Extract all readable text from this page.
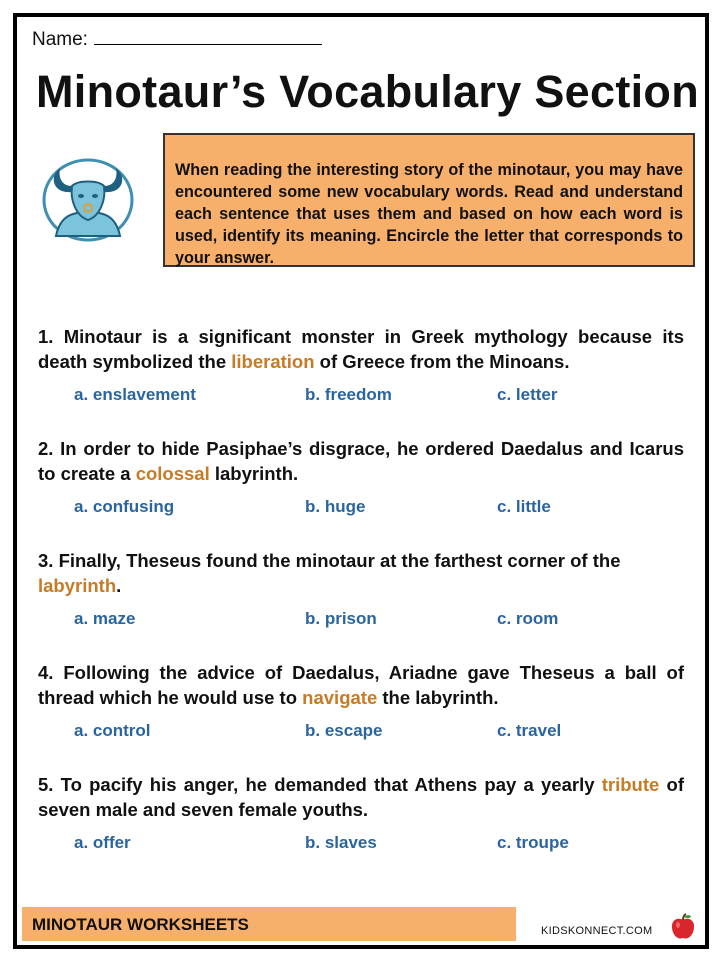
Name:
Minotaur’s Vocabulary Section

When reading the interesting story of the minotaur, you may have encountered some new vocabulary words. Read and understand each sentence that uses them and based on how each word is used, identify its meaning. Encircle the letter that corresponds to your answer.

1. Minotaur is a significant monster in Greek mythology because its death symbolized the liberation of Greece from the Minoans.
a. enslavement	b. freedom	c. letter
2. In order to hide Pasiphae’s disgrace, he ordered Daedalus and Icarus to create a colossal labyrinth.
a. confusing	b. huge	c. little
3. Finally, Theseus found the minotaur at the farthest corner of the labyrinth.
a. maze	b. prison	c. room
4. Following the advice of Daedalus, Ariadne gave Theseus a ball of thread which he would use to navigate the labyrinth.
a. control	b. escape	c. travel
5. To pacify his anger, he demanded that Athens pay a yearly tribute of seven male and seven female youths.
a. offer	b. slaves	c. troupe
MINOTAUR WORKSHEETS	KIDSKONNECT.COM
